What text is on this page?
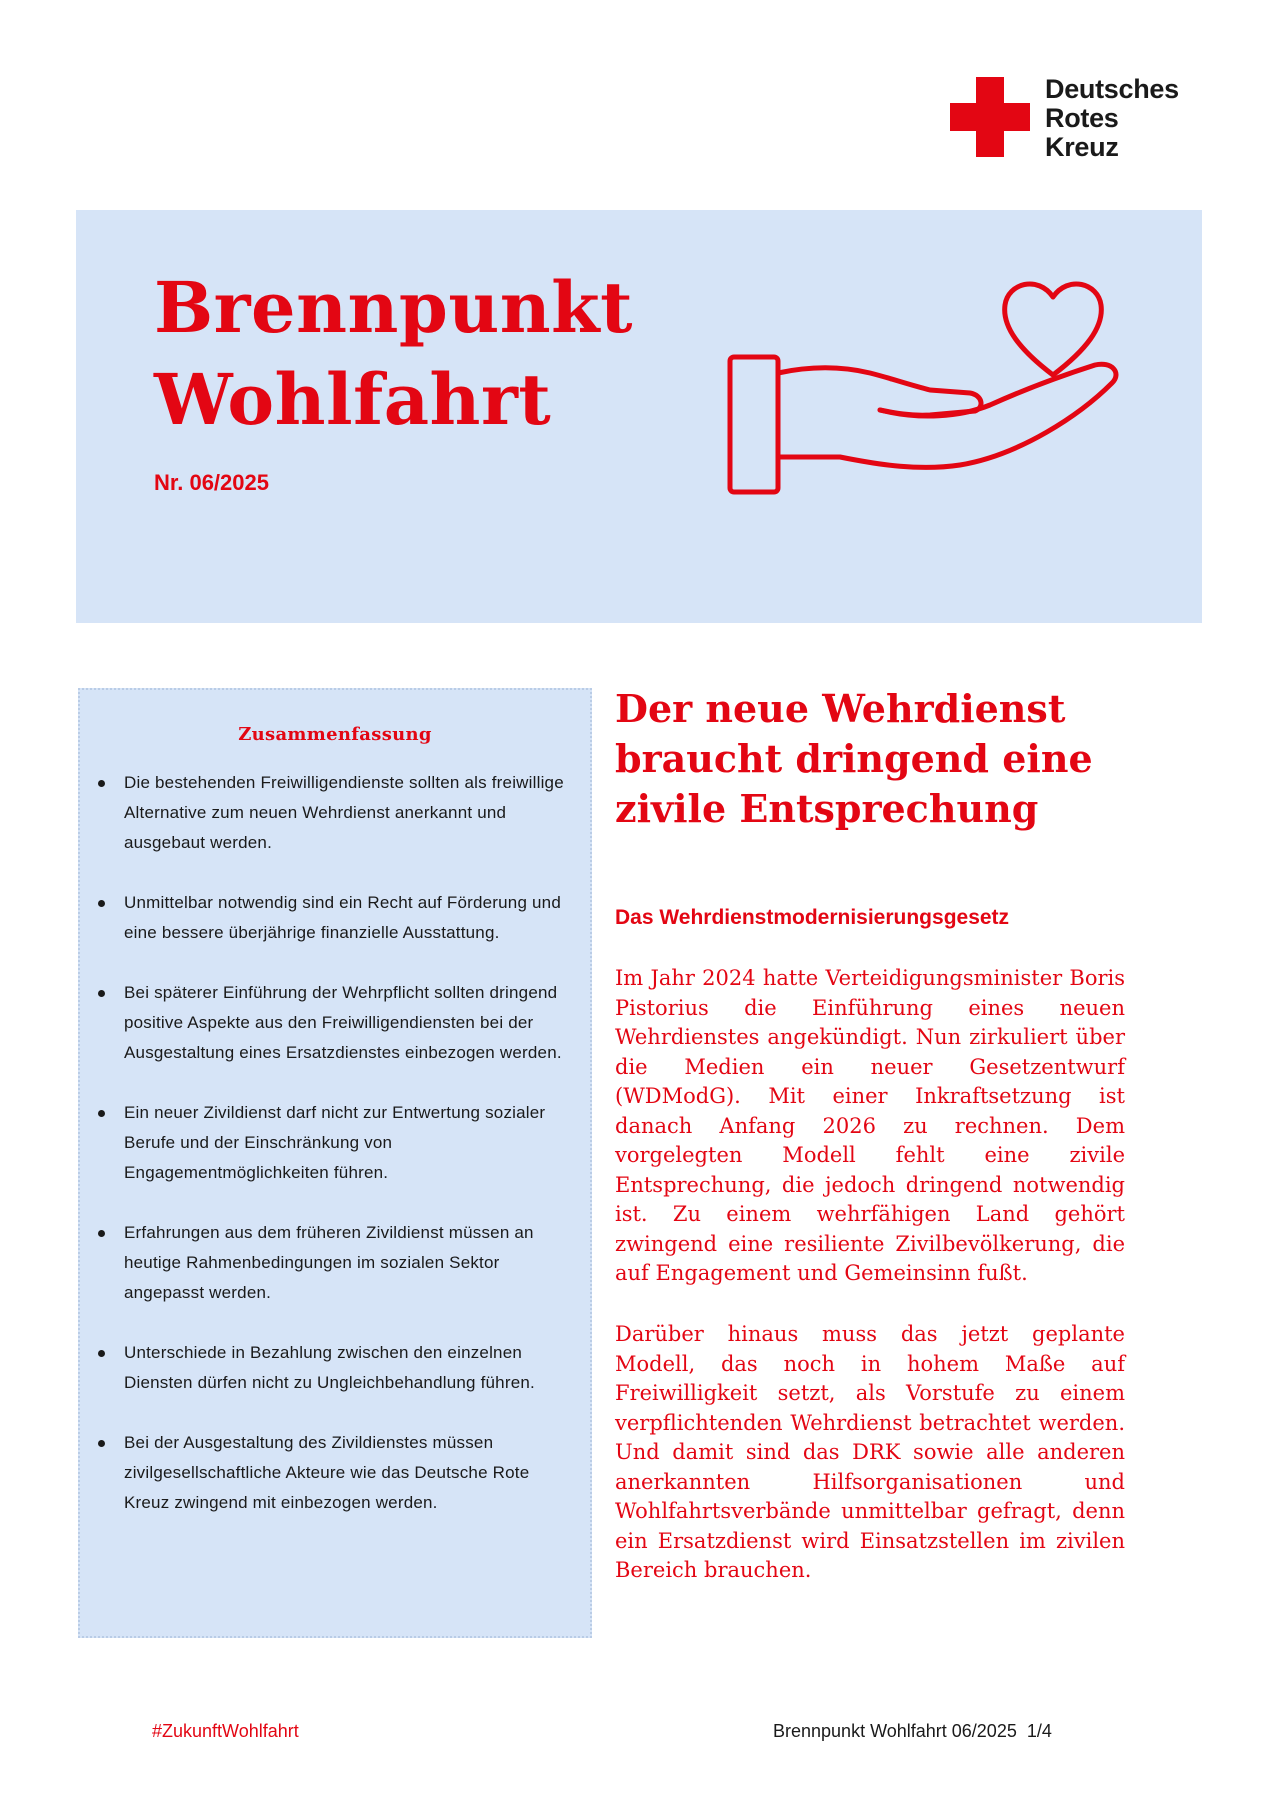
Deutsches
Rotes
Kreuz
Brennpunkt
Wohlfahrt
Nr. 06/2025
Zusammenfassung
Die bestehenden Freiwilligendienste sollten als freiwillige Alternative zum neuen Wehrdienst anerkannt und ausgebaut werden.
Unmittelbar notwendig sind ein Recht auf Förderung und eine bessere überjährige finanzielle Ausstattung.
Bei späterer Einführung der Wehrpflicht sollten dringend positive Aspekte aus den Freiwilligendiensten bei der Ausgestaltung eines Ersatzdienstes einbezogen werden.
Ein neuer Zivildienst darf nicht zur Entwertung sozialer Berufe und der Einschränkung von Engagementmöglichkeiten führen.
Erfahrungen aus dem früheren Zivildienst müssen an heutige Rahmenbedingungen im sozialen Sektor angepasst werden.
Unterschiede in Bezahlung zwischen den einzelnen Diensten dürfen nicht zu Ungleichbehandlung führen.
Bei der Ausgestaltung des Zivildienstes müssen zivilgesellschaftliche Akteure wie das Deutsche Rote Kreuz zwingend mit einbezogen werden.
Der neue Wehrdienst braucht dringend eine zivile Entsprechung
Das Wehrdienstmodernisierungsgesetz

Im Jahr 2024 hatte Verteidigungsminister Boris Pistorius die Einführung eines neuen Wehrdienstes angekündigt. Nun zirkuliert über die Medien ein neuer Gesetzentwurf (WDModG). Mit einer Inkraftsetzung ist danach Anfang 2026 zu rechnen. Dem vorgelegten Modell fehlt eine zivile Entsprechung, die jedoch dringend notwendig ist. Zu einem wehrfähigen Land gehört zwingend eine resiliente Zivilbevölkerung, die auf Engagement und Gemeinsinn fußt.

Darüber hinaus muss das jetzt geplante Modell, das noch in hohem Maße auf Freiwilligkeit setzt, als Vorstufe zu einem verpflichtenden Wehrdienst betrachtet werden. Und damit sind das DRK sowie alle anderen anerkannten Hilfsorganisationen und Wohlfahrtsverbände unmittelbar gefragt, denn ein Ersatzdienst wird Einsatzstellen im zivilen Bereich brauchen.

#ZukunftWohlfahrt	Brennpunkt Wohlfahrt 06/2025 1/4
